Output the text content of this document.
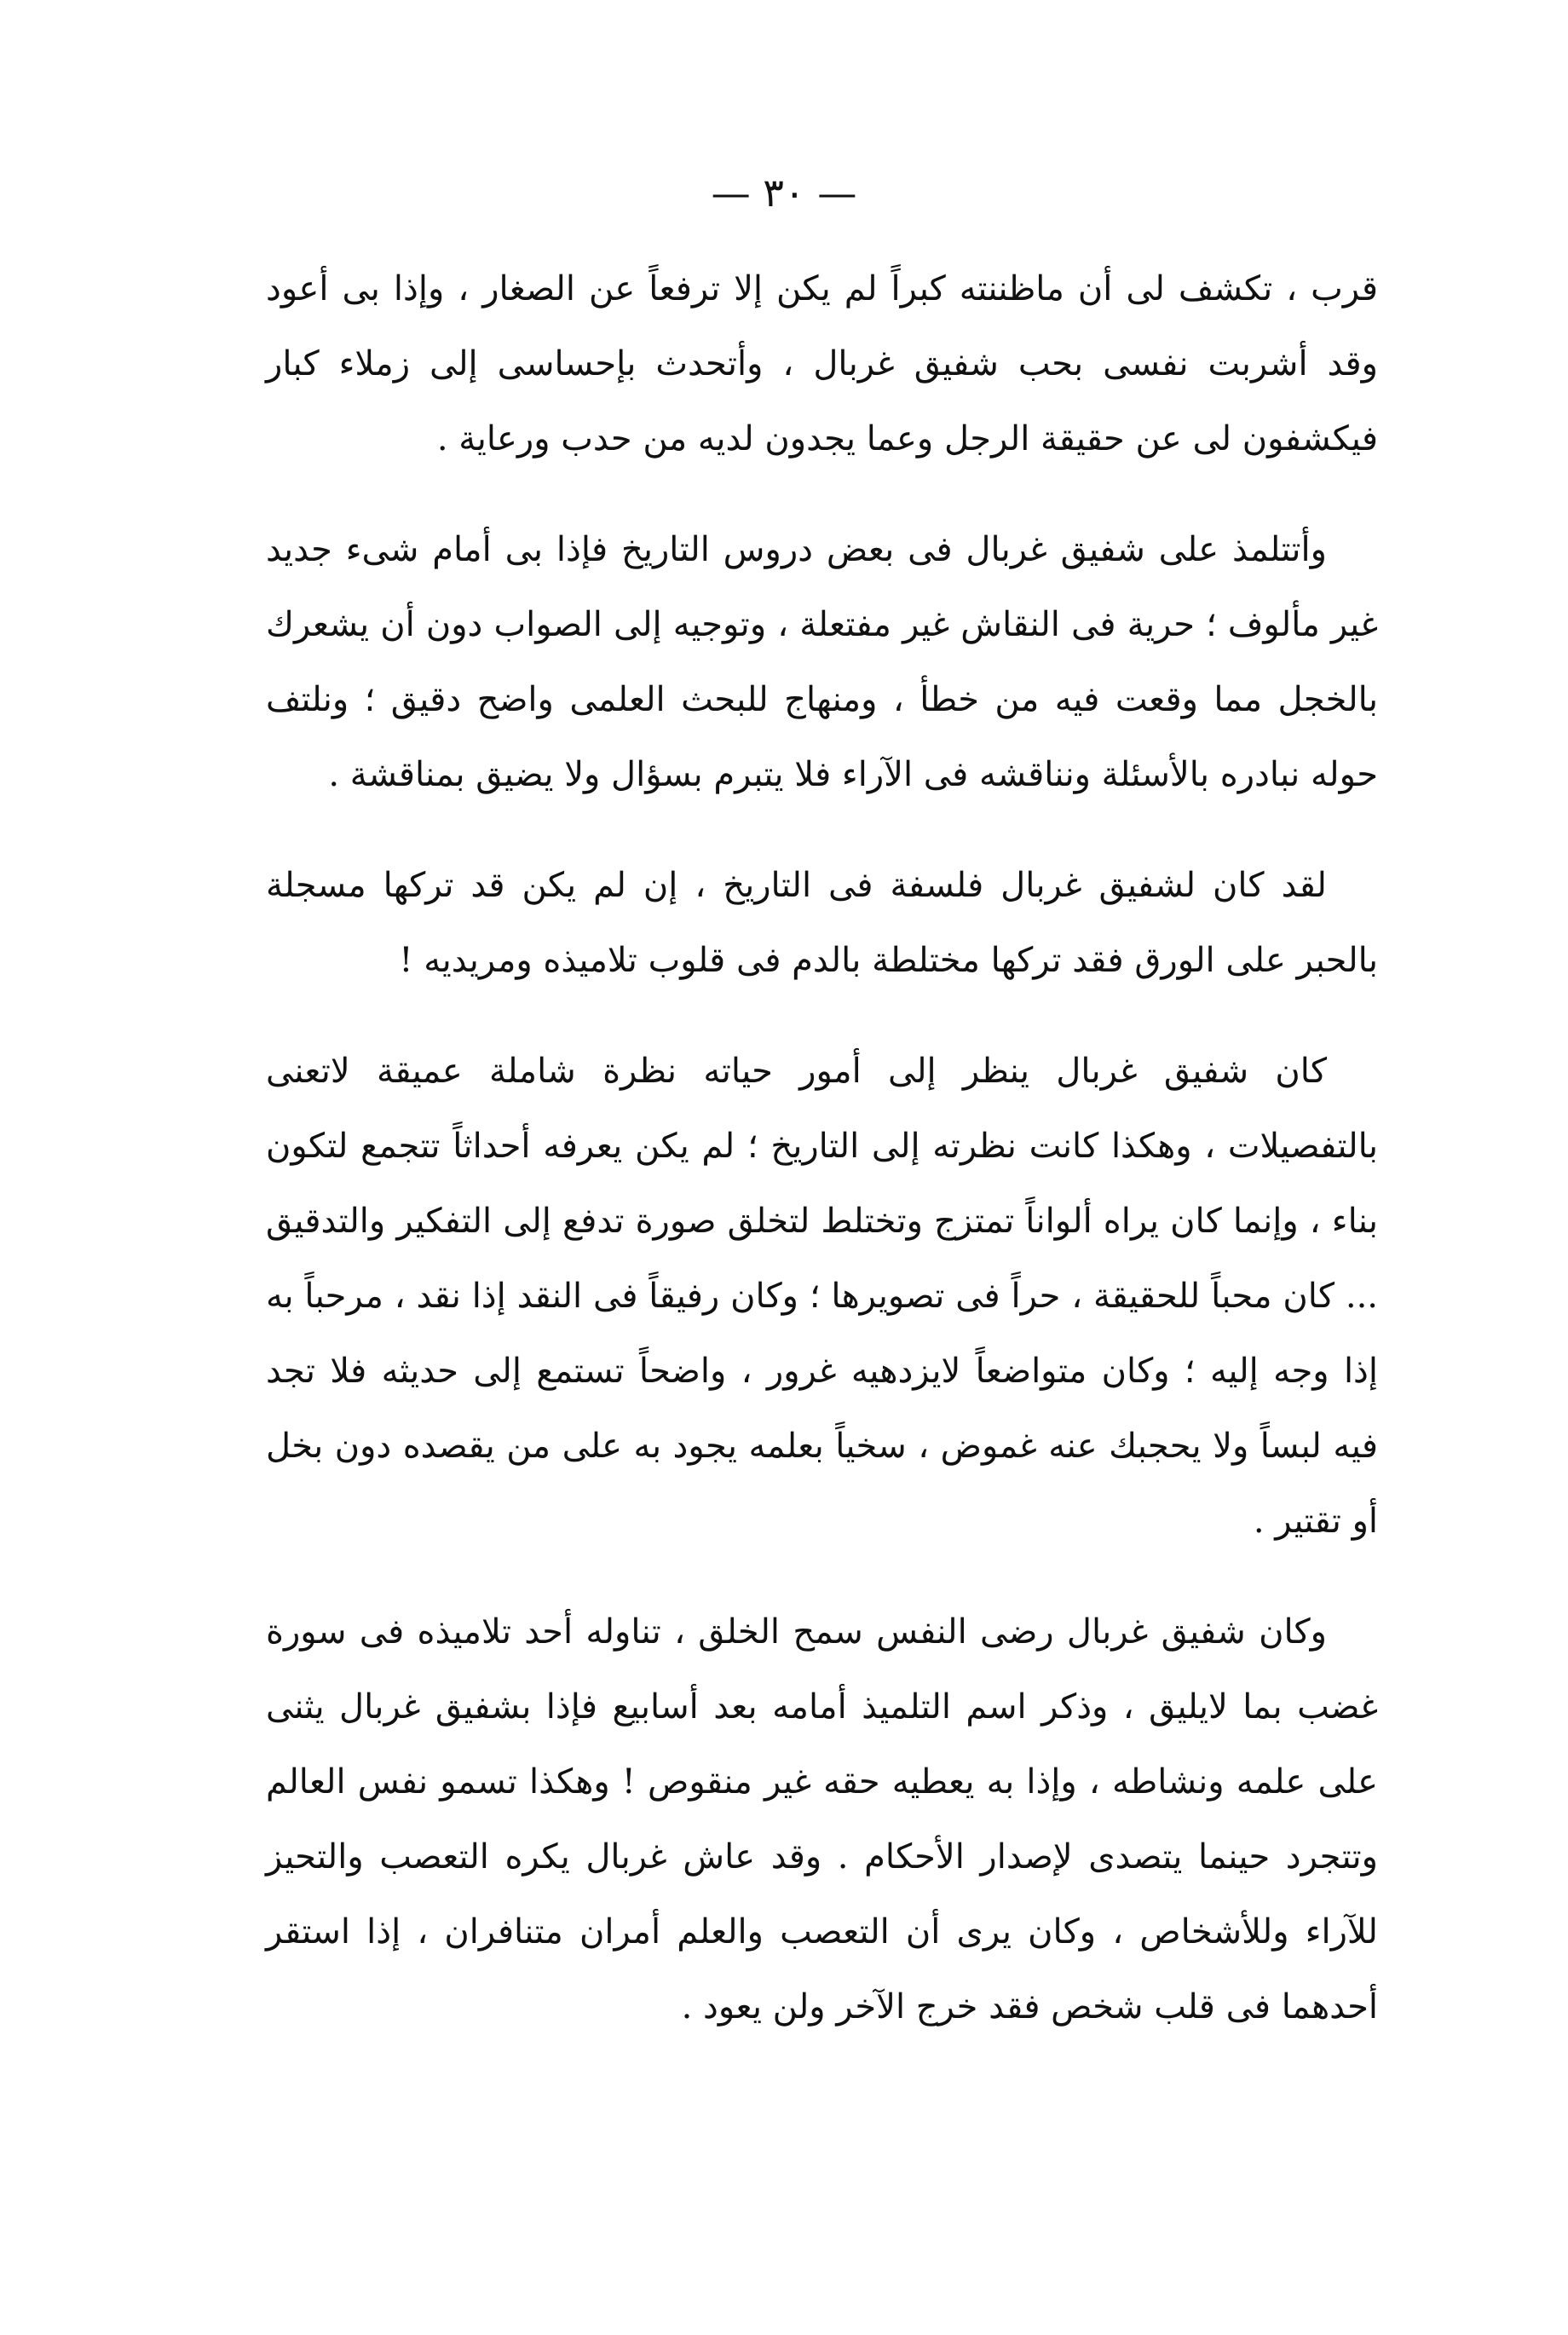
— ٣٠ —

قرب ، تكشف لى أن ماظننته كبراً لم يكن إلا ترفعاً عن الصغار ، وإذا بى أعود وقد أشربت نفسى بحب شفيق غربال ، وأتحدث بإحساسى إلى زملاء كبار فيكشفون لى عن حقيقة الرجل وعما يجدون لديه من حدب ورعاية .

وأتتلمذ على شفيق غربال فى بعض دروس التاريخ فإذا بى أمام شىء جديد غير مألوف ؛ حرية فى النقاش غير مفتعلة ، وتوجيه إلى الصواب دون أن يشعرك بالخجل مما وقعت فيه من خطأ ، ومنهاج للبحث العلمى واضح دقيق ؛ ونلتف حوله نبادره بالأسئلة ونناقشه فى الآراء فلا يتبرم بسؤال ولا يضيق بمناقشة .

لقد كان لشفيق غربال فلسفة فى التاريخ ، إن لم يكن قد تركها مسجلة بالحبر على الورق فقد تركها مختلطة بالدم فى قلوب تلاميذه ومريديه !

كان شفيق غربال ينظر إلى أمور حياته نظرة شاملة عميقة لاتعنى بالتفصيلات ، وهكذا كانت نظرته إلى التاريخ ؛ لم يكن يعرفه أحداثاً تتجمع لتكون بناء ، وإنما كان يراه ألواناً تمتزج وتختلط لتخلق صورة تدفع إلى التفكير والتدقيق ... كان محباً للحقيقة ، حراً فى تصويرها ؛ وكان رفيقاً فى النقد إذا نقد ، مرحباً به إذا وجه إليه ؛ وكان متواضعاً لايزدهيه غرور ، واضحاً تستمع إلى حديثه فلا تجد فيه لبساً ولا يحجبك عنه غموض ، سخياً بعلمه يجود به على من يقصده دون بخل أو تقتير .

وكان شفيق غربال رضى النفس سمح الخلق ، تناوله أحد تلاميذه فى سورة غضب بما لايليق ، وذكر اسم التلميذ أمامه بعد أسابيع فإذا بشفيق غربال يثنى على علمه ونشاطه ، وإذا به يعطيه حقه غير منقوص ! وهكذا تسمو نفس العالم وتتجرد حينما يتصدى لإصدار الأحكام . وقد عاش غربال يكره التعصب والتحيز للآراء وللأشخاص ، وكان يرى أن التعصب والعلم أمران متنافران ، إذا استقر أحدهما فى قلب شخص فقد خرج الآخر ولن يعود .
